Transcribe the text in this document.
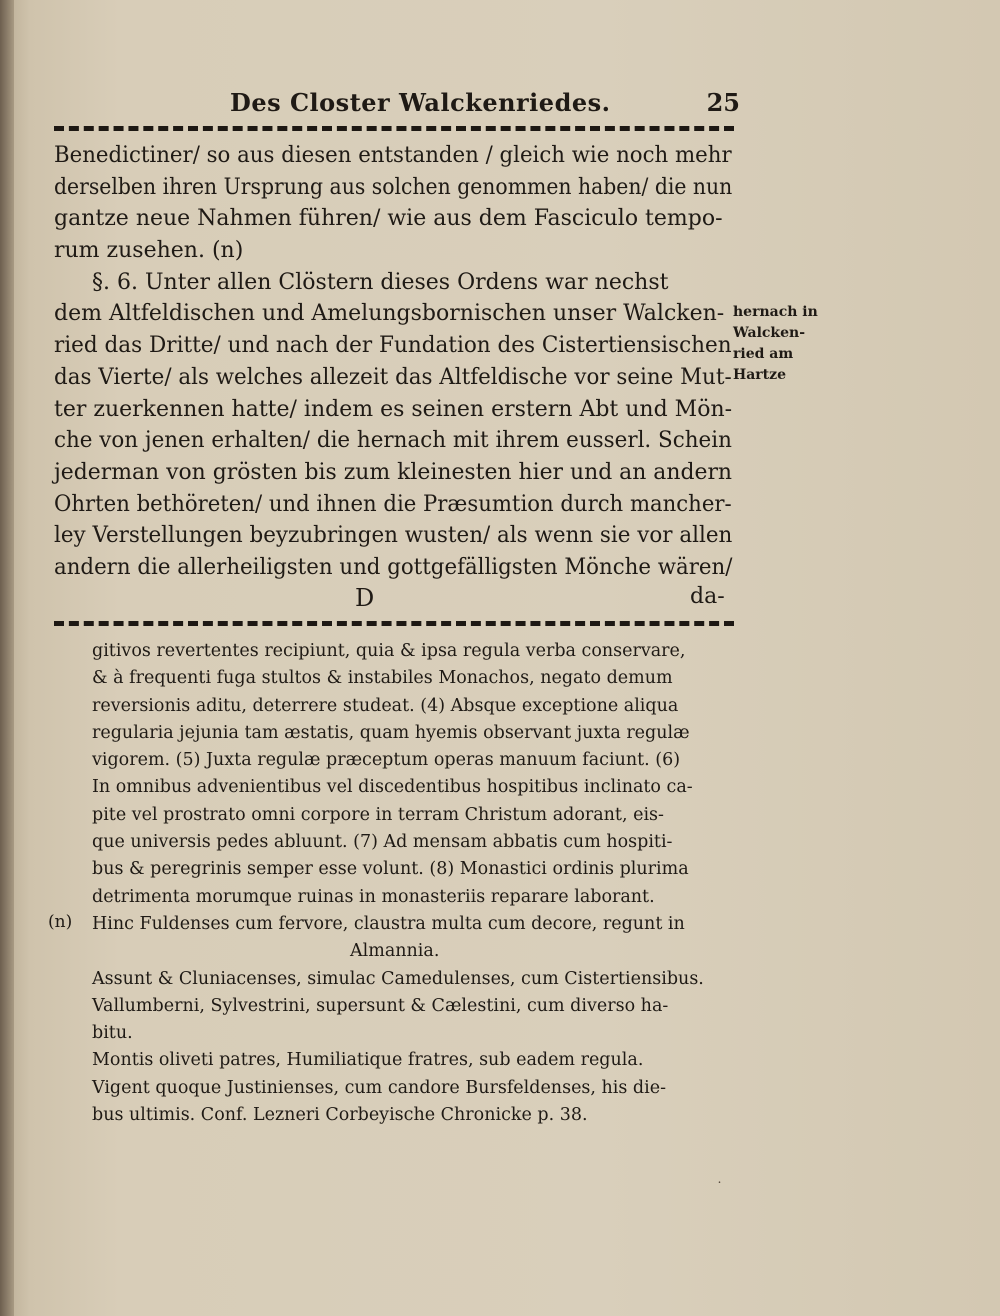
Des Closter Walckenriedes.	25
Benedictiner/ so aus diesen entstanden / gleich wie noch mehr
derselben ihren Ursprung aus solchen genommen haben/ die nun
gantze neue Nahmen führen/ wie aus dem Fasciculo tempo-
rum zusehen. (n)
§. 6. Unter allen Clöstern dieses Ordens war nechst
dem Altfeldischen und Amelungsbornischen unser Walcken-
ried das Dritte/ und nach der Fundation des Cistertiensischen
das Vierte/ als welches allezeit das Altfeldische vor seine Mut-
ter zuerkennen hatte/ indem es seinen erstern Abt und Mön-
che von jenen erhalten/ die hernach mit ihrem eusserl. Schein
jederman von grösten bis zum kleinesten hier und an andern
Ohrten bethöreten/ und ihnen die Præsumtion durch mancher-
ley Verstellungen beyzubringen wusten/ als wenn sie vor allen
andern die allerheiligsten und gottgefälligsten Mönche wären/
hernach in
Walcken-
ried am
Hartze
D	da-
gitivos revertentes recipiunt, quia & ipsa regula verba conservare,
& à frequenti fuga stultos & instabiles Monachos, negato demum
reversionis aditu, deterrere studeat. (4) Absque exceptione aliqua
regularia jejunia tam æstatis, quam hyemis observant juxta regulæ
vigorem. (5) Juxta regulæ præceptum operas manuum faciunt. (6)
In omnibus advenientibus vel discedentibus hospitibus inclinato ca-
pite vel prostrato omni corpore in terram Christum adorant, eis-
que universis pedes abluunt. (7) Ad mensam abbatis cum hospiti-
bus & peregrinis semper esse volunt. (8) Monastici ordinis plurima
detrimenta morumque ruinas in monasteriis reparare laborant.
Hinc Fuldenses cum fervore, claustra multa cum decore, regunt in
Almannia.
Assunt & Cluniacenses, simulac Camedulenses, cum Cistertiensibus.
Vallumberni, Sylvestrini, supersunt & Cælestini, cum diverso ha-
bitu.
Montis oliveti patres, Humiliatique fratres, sub eadem regula.
Vigent quoque Justinienses, cum candore Bursfeldenses, his die-
bus ultimis. Conf. Lezneri Corbeyische Chronicke p. 38.
(n)
˙
